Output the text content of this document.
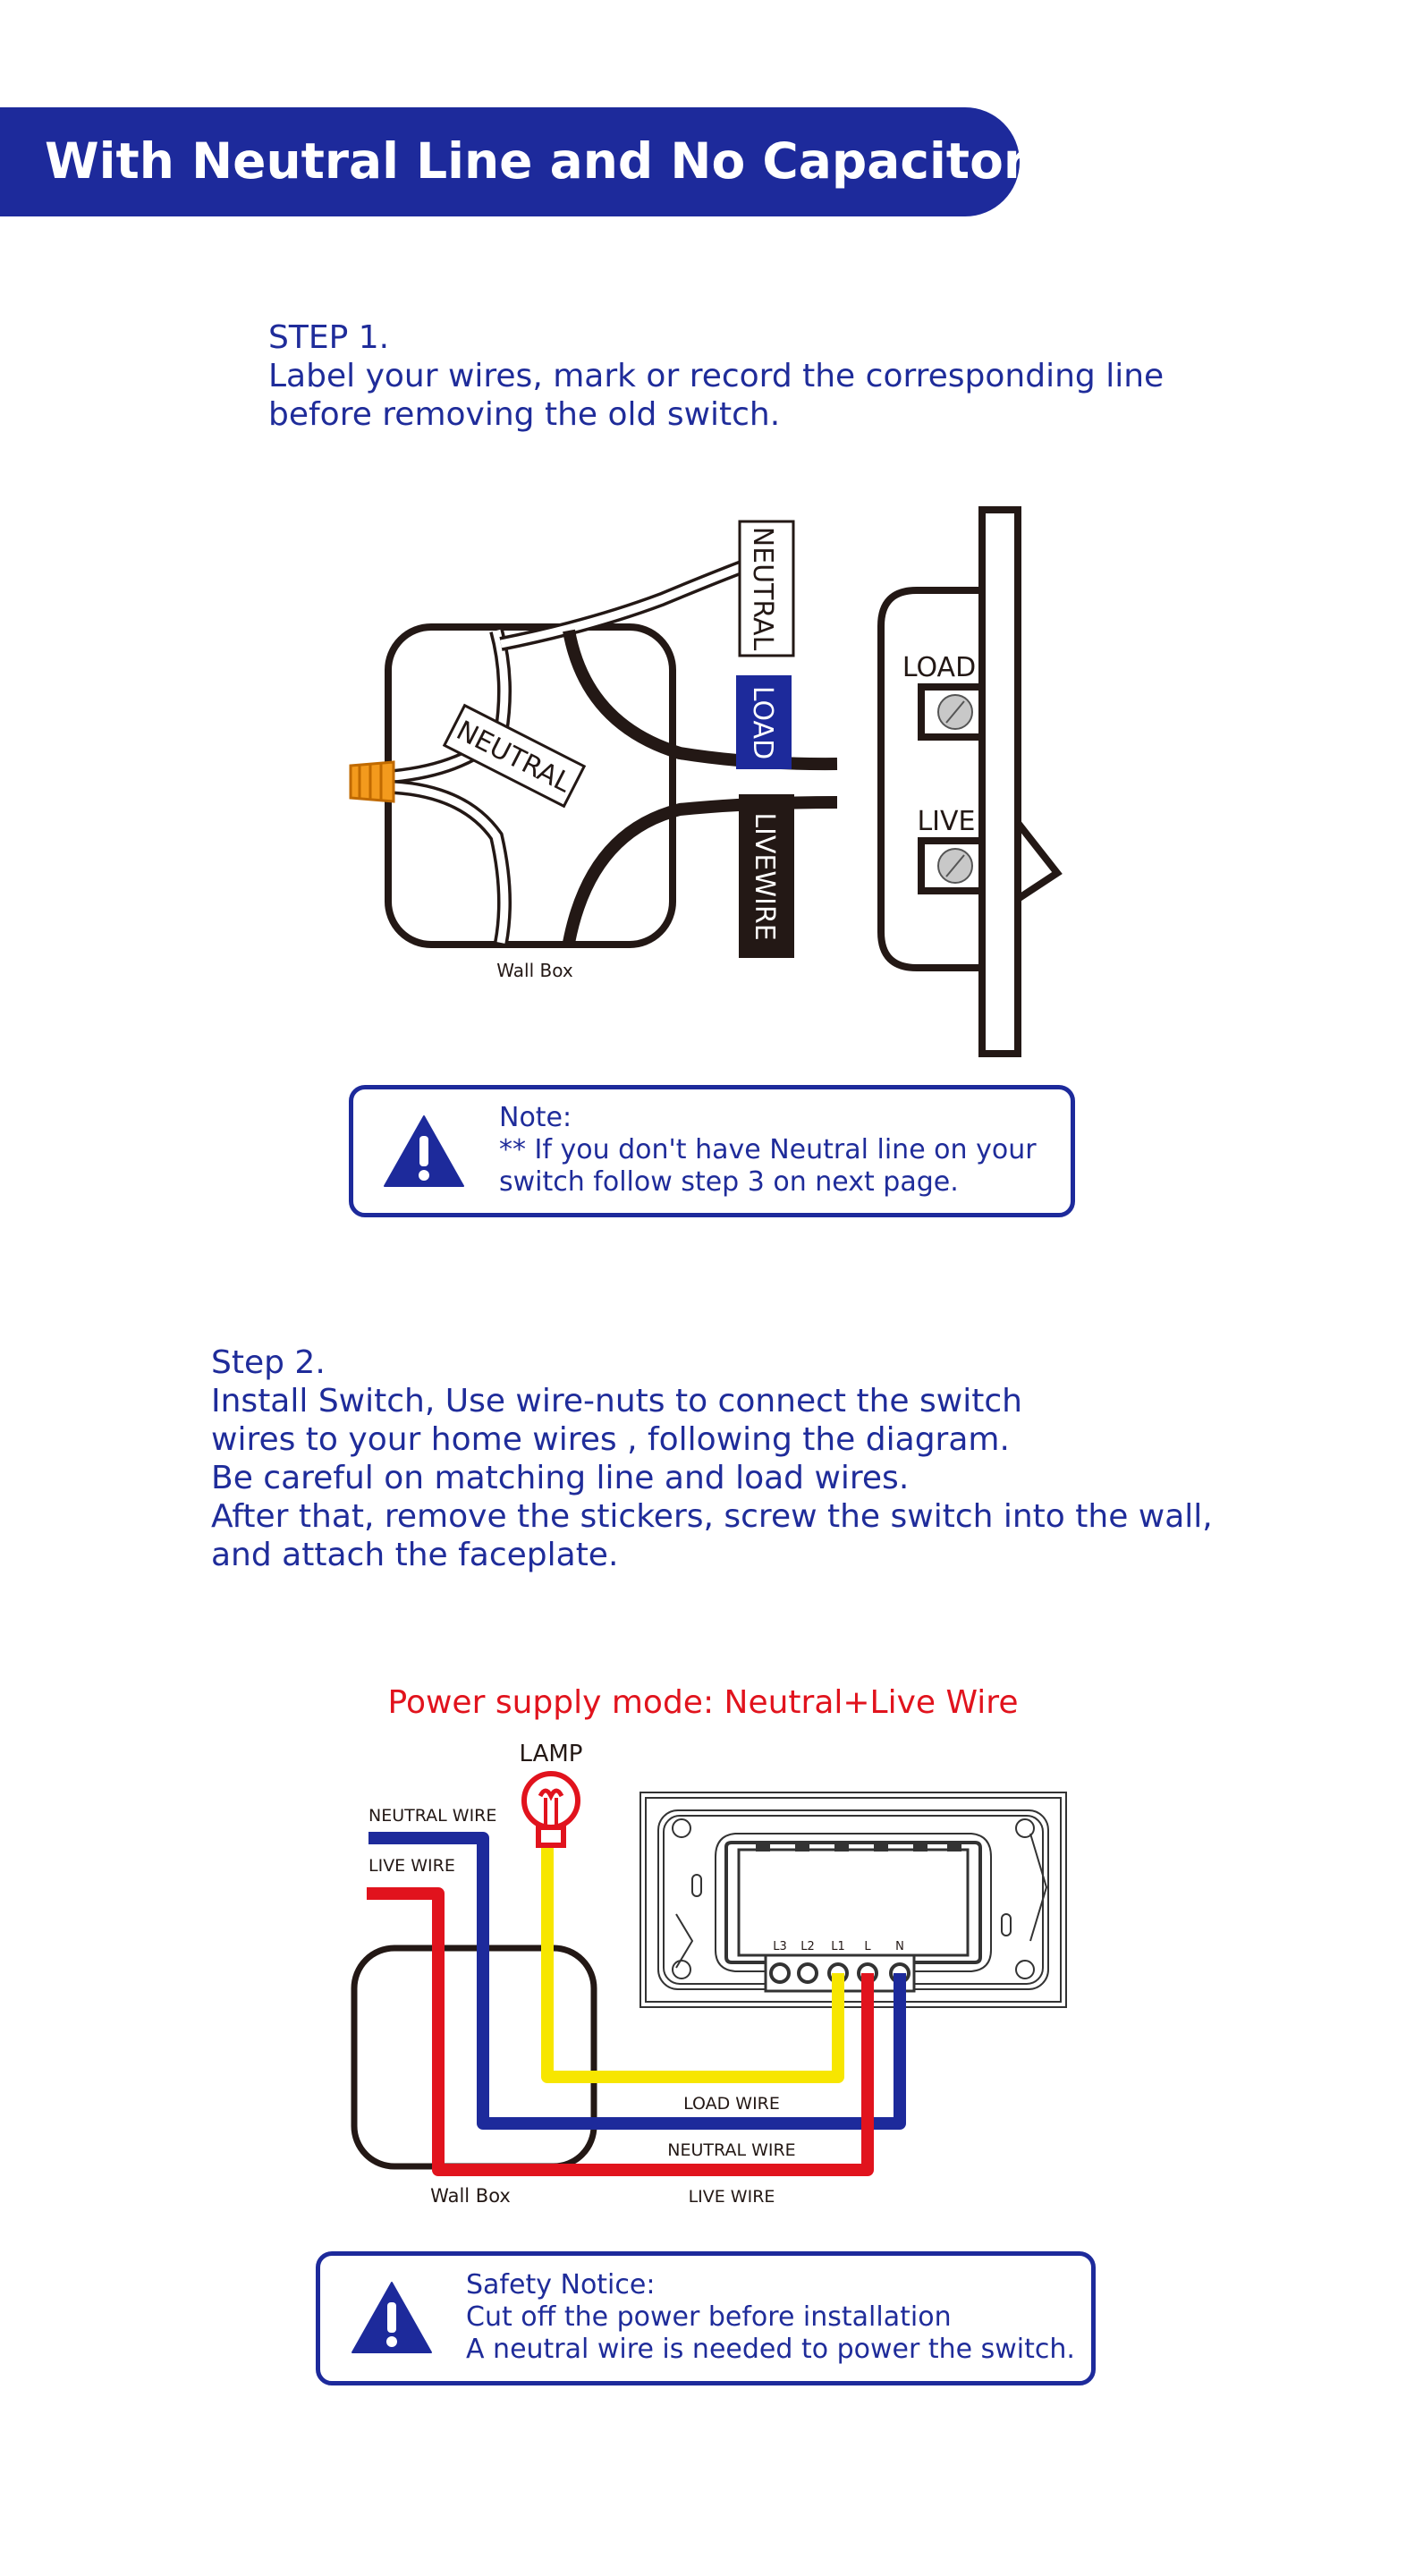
With Neutral Line and No Capacitor
STEP 1.
Label your wires, mark or record the corresponding line
before removing the old switch.
NEUTRAL
NEUTRAL
LOAD
LIVEWIRE
Wall Box
LOAD
LIVE
Note:
** If you don't have Neutral line on your
switch follow step 3 on next page.
Step 2.
Install Switch, Use wire-nuts to connect the switch
wires to your home wires , following the diagram.
Be careful on matching line and load wires.
After that, remove the stickers, screw the switch into the wall,
and attach the faceplate.
Power supply mode: Neutral+Live Wire
L3 L2 L1 L N
LAMP
NEUTRAL WIRE
LIVE WIRE
LOAD WIRE
NEUTRAL WIRE
LIVE WIRE
Wall Box
Safety Notice:
Cut off the power before installation
A neutral wire is needed to power the switch.
